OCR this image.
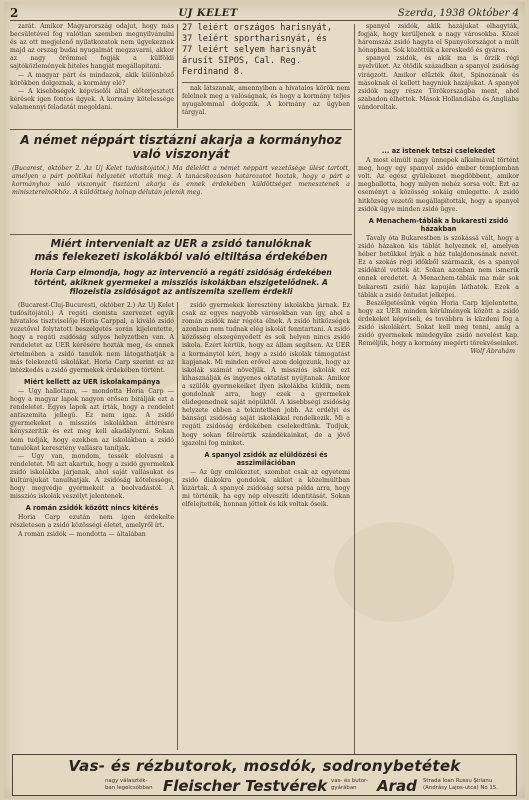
2	UJ KELET	Szerda, 1938 Október 4

zarát. Amikor Magyarország odajut, hogy más becsületével fog valótlan szemben megnyilvánulni és az ott megjelenő nyilatkozatok nem ügyekeznek majd az orszag budai nyugalmát megzavarni, akkor az nagy örömmel fogják a külföldi sajtóközlemények hiteles hangját megállapitani.

— A magyar párt és mindazok, akik különböző körökben dolgoznak, a kormány elé?

— A kisebbségek képviselői által előterjesztett kérések igen fontos ügyek. A kormány kötelessége valamennyi feladatát megoldani.

27 leiért országos harisnyát,
37 leiért sportharisnyát, és
77 leiért selyem harisnyát
árusít SIPOS, Cal. Reg. Ferdinand 8.

nak látszanak, amennyiben a hivatalos körök nem felelnek meg a valóságnak, és hogy a kormány teljes nyugalommal dolgozik. A kormány az ügyben tárgyal.

spanyol zsidók, akik hazájukat elhagyták, fogják, hogy kerüljenek a nagy városokba. Közel háromszáz zsidó hagyta el Spanyolországot a múlt hónapban. Sok közöttük a kereskedő és gyáros.

spanyol zsidók, és akik ma is őrzik régi nyelvüket. Az ötödik században a spanyol zsidóság virágzott. Amikor elűzték őket, Spinozának és másoknak el kellett hagyniuk hazájukat. A spanyol zsidók nagy része Törökországba ment, ahol szabadon élhettek. Mások Hollandiába és Angliába vándoroltak.

A német néppárt tisztázni akarja a kormányhoz
való viszonyát
(Bucarest, október 2. Az Uj Kelet tudósítójától.) Ma délelőtt a német néppárt vezetősége ülést tartott, amelyen a párt politikai helyzetét vitatták meg. A tanácskozáson határozatot hoztak, hogy a párt a kormányhoz való viszonyát tisztázni akarja és ennek érdekében küldöttséget menesztenek a miniszterelnökhöz. A küldöttség holnap délután jelenik meg.
Miért intervenialt az UER a zsidó tanulóknak
más felekezeti iskolákból való eltiltása érdekében
Horia Carp elmondja, hogy az intervenció a regáti zsidóság érdekében
történt, akiknek gyermekei a missziós iskolákban elszigetelődnek. A
filozeistia zsidóságot az antiszemita szellem érdekli

(Bucarest-Cluj-Bucuresti, október 2.) Az Uj Kelet tudósítójától.) A regáti cionista szervezet egyik hivatalos tisztviselője Horia Carppal, a kiváló zsidó vezetővel folytatott beszélgetés során kijelentette, hogy a regáti zsidóság súlyos helyzetben van. A rendeletet az UER kérésére hozták meg, és ennek értelmében a zsidó tanulók nem látogathatják a más felekezetű iskolákat. Horia Carp szerint ez az intézkedés a zsidó gyermekek érdekében történt.

Miért kellett az UER iskolakampánya

— Ugy hallottam, — mondotta Horia Carp — hogy a magyar lapok nagyon erősen bírálják ezt a rendeletet. Egyes lapok azt írták, hogy a rendelet antiszemita jellegű. Ez nem igaz. A zsidó gyermekeket a missziós iskolákban áttérésre kényszerítik és ezt meg kell akadályozni. Sokan nem tudják, hogy ezekben az iskolákban a zsidó tanulókat keresztény vallásra tanítják.

— Ugy van, mondom, tessék elolvasni a rendeletet. Mi azt akartuk, hogy a zsidó gyermekek zsidó iskolákba járjanak, ahol saját vallásukat és kultúrájukat tanulhatják. A zsidóság kötelessége, hogy megvédje gyermekeit a beolvadástól. A missziós iskolák veszélyt jelentenek.

A román zsidók között nincs kitérés

Horia Carp ezután nem igen érdekelte részletesen a zsidó közösségi életet, amelyről írt.

A román zsidók — mondotta — általában

zsidó gyermekek keresztény iskolákba járnak. Ez csak az egyes nagyobb városokban van így, ahol a román zsidók már régóta élnek. A zsidó hitközségek azonban nem tudnak elég iskolát fenntartani. A zsidó közösség elszegényedett és sok helyen nincs zsidó iskola. Ezért kértük, hogy az állam segítsen. Az UER a kormánytól kéri, hogy a zsidó iskolák támogatást kapjanak. Mi minden erővel azon dolgozunk, hogy az iskolák számát növeljük. A missziós iskolák ezt kihasználják és ingyenes oktatást nyújtanak. Amikor a szülők gyermekeiket ilyen iskolákba küldik, nem gondolnak arra, hogy ezek a gyermekek elidegenednek saját népüktől. A kisebbségi zsidóság helyzete ebben a tekintetben jobb. Az erdélyi és bánsági zsidóság saját iskolákkal rendelkezik. Mi a regáti zsidóság érdekében cselekedtünk. Tudjuk, hogy sokan félreértik szándékainkat, de a jövő igazolni fog minket.

A spanyol zsidók az elüldözési és asszimilációban

— Az ügy emlékeztet, szombat csak az egyetemi zsidó diákokra gondolok, akiket a közelmúltban kizártak. A spanyol zsidóság sorsa példa arra, hogy mi történik, ha egy nép elveszíti identitását. Sokan elfelejtették, honnan jöttek és kik voltak őseik.

... az istenek tetszi cselekedet

A most elmúlt nagy ünnepek alkalmával történt meg, hogy egy spanyol zsidó ember templomban volt. Az egész gyülekezet megdöbbent, amikor meghallotta, hogy milyen nehéz sorsa volt. Ezt az eseményt a közösség sokáig emlegette. A zsidó hitközség vezetői megállapították, hogy a spanyol zsidók ügye minden zsidó ügye.

A Menachem-táblák a bukaresti zsidó házakban

Tavaly óta Bukarestben is szokássá vált, hogy a zsidó házakon kis táblát helyeznek el, amelyen héber betűkkel írják a ház tulajdonosának nevét. Ez a szokás régi időkből származik, és a spanyol zsidóktól vették át. Sokan azonban nem ismerik ennek eredetét. A Menachem-táblák ma már sok bukaresti zsidó ház kapuján láthatók. Ezek a táblák a zsidó öntudat jelképei.

Beszélgetésünk végén Horia Carp kijelentette, hogy az UER minden körülmények között a zsidó érdekeket képviseli, és továbbra is küzdeni fog a zsidó iskolákért. Sokat kell még tenni, amíg a zsidó gyermekek mindegyike zsidó nevelést kap. Reméljük, hogy a kormány megérti törekvéseinket.

Wolf Abrahám
Vas- és rézbutorok, mosdók, sodronybetétek
nagy választék-
ban legolcsóbban Fleischer Testvérek vas- és butor-
gyárában	Arad Strada Ioan Russu Şirianu
(Andrásy Lajos-utca) No 15.
